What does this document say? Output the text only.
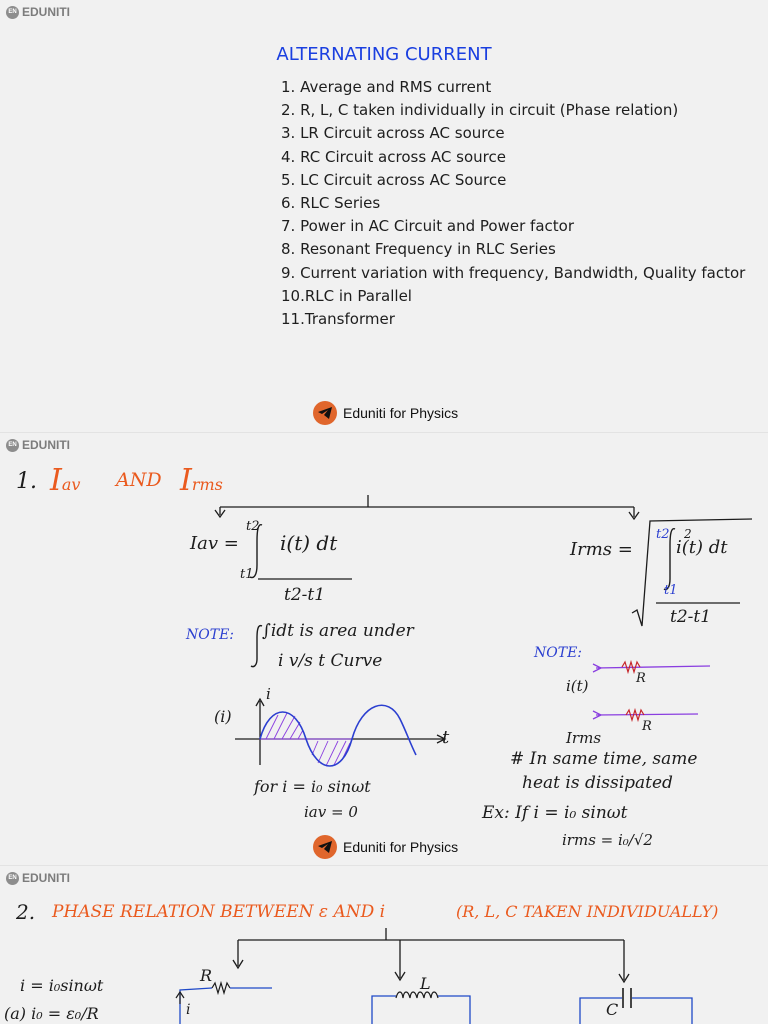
EN EDUNITI
ALTERNATING CURRENT
1. Average and RMS current
2. R, L, C taken individually in circuit (Phase relation)
3. LR Circuit across AC source
4. RC Circuit across AC source
5. LC Circuit across AC Source
6. RLC Series
7. Power in AC Circuit and Power factor
8. Resonant Frequency in RLC Series
9. Current variation with frequency, Bandwidth, Quality factor
10.RLC in Parallel
11.Transformer
Eduniti for Physics
EN EDUNITI
1. Iav AND Irms
Iav =
t2
t1
i(t) dt
t2-t1
Irms =
t2 2
i(t) dt
t1
t2-t1
NOTE: ∫idt is area under
i v/s t Curve
(i)
i
t
for i = i₀ sinωt
iav = 0
NOTE:
i(t)	R
R
Irms
# In same time, same
heat is dissipated
Ex: If i = i₀ sinωt
irms = i₀/√2
Eduniti for Physics
EN EDUNITI
2. PHASE RELATION BETWEEN ε AND i	(R, L, C TAKEN INDIVIDUALLY)
i = i₀sinωt
(a) i₀ = ε₀/R
R	L
C
i
